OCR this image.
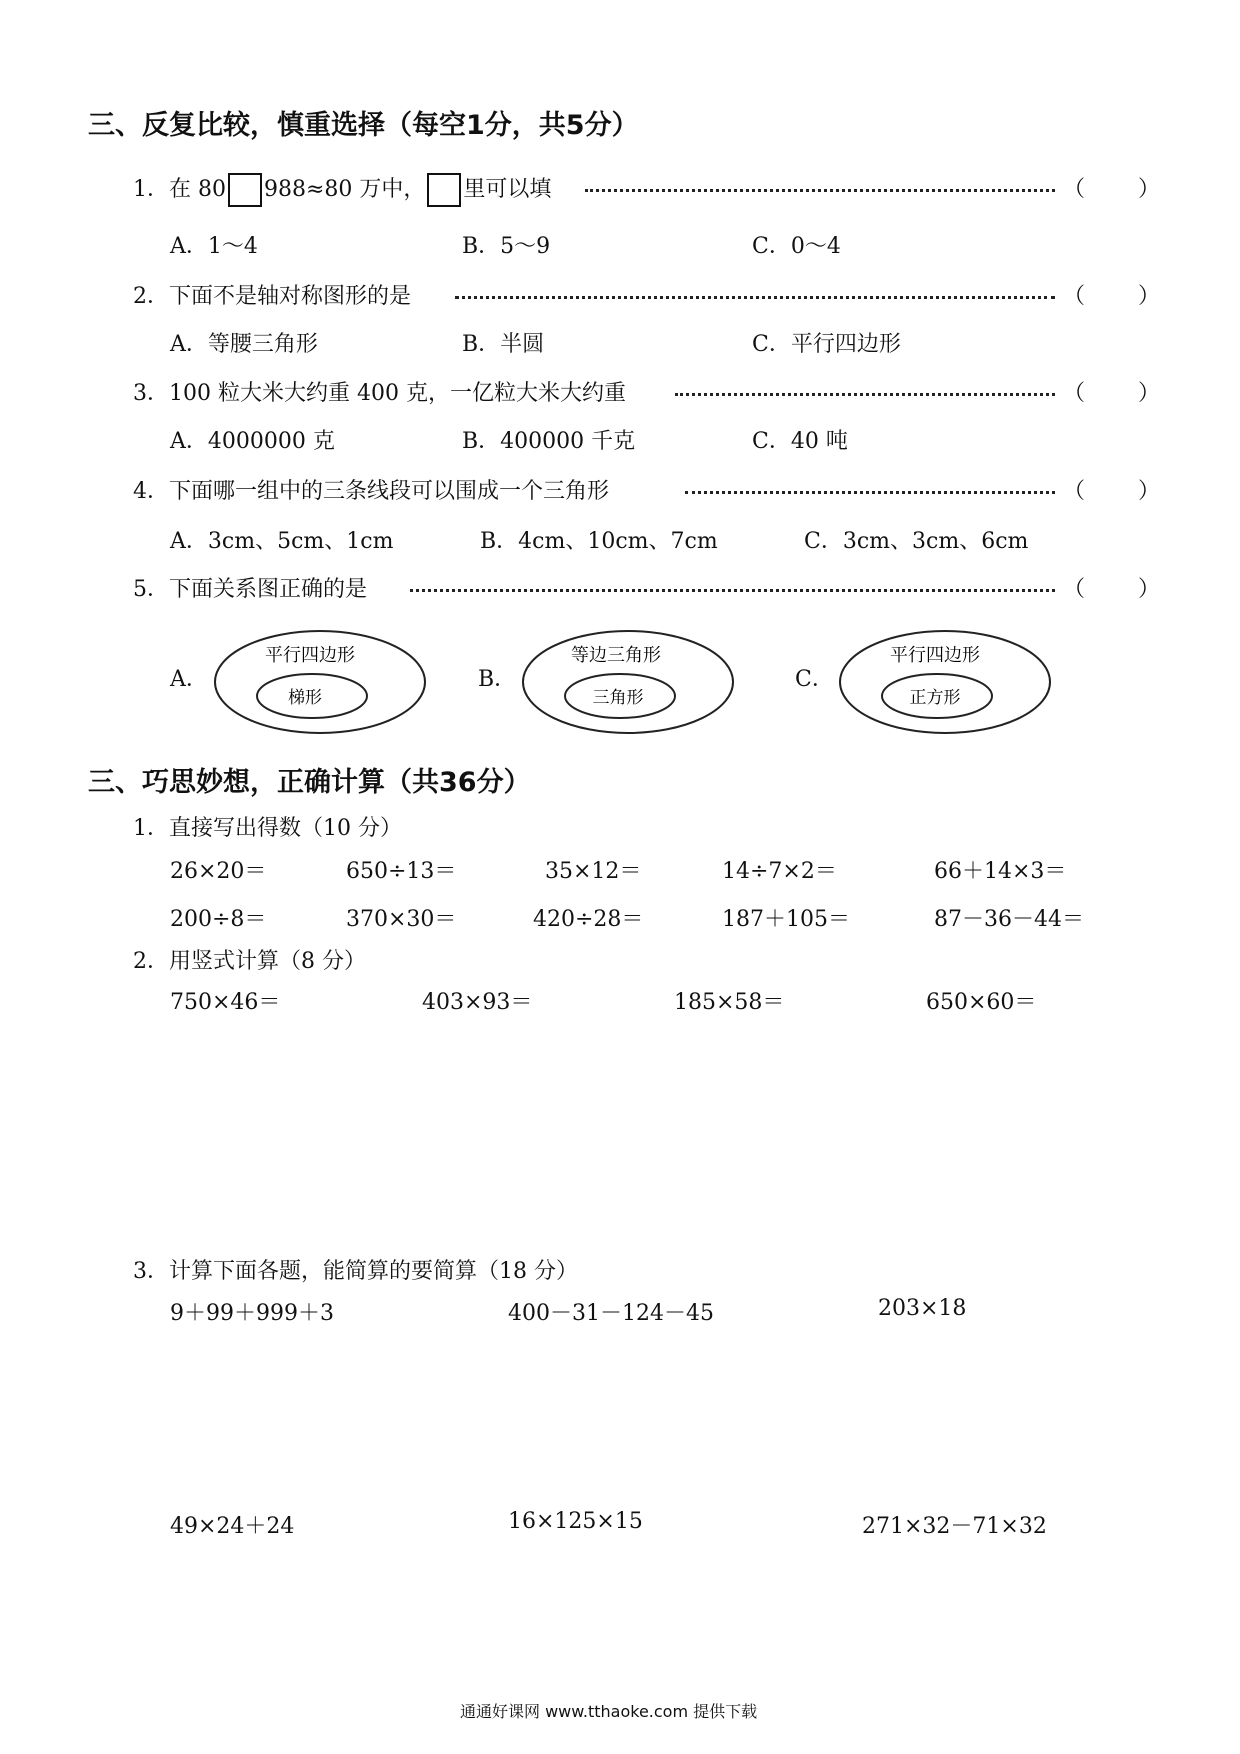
三、反复比较，慎重选择（每空1分，共5分）
1．在 80 988≈80 万中， 里可以填	（ ）
A．1～4	B．5～9	C．0～4
2．下面不是轴对称图形的是	（ ）
A．等腰三角形	B．半圆	C．平行四边形
3．100 粒大米大约重 400 克，一亿粒大米大约重	（ ）
A．4000000 克	B．400000 千克	C．40 吨
4．下面哪一组中的三条线段可以围成一个三角形	（ ）
A．3cm、5cm、1cm	B．4cm、10cm、7cm	C．3cm、3cm、6cm
5．下面关系图正确的是	（ ）
A．
平行四边形
梯形
B．
等边三角形
三角形
C．
平行四边形
正方形
三、巧思妙想，正确计算（共36分）
1．直接写出得数（10 分）
26×20＝	650÷13＝	35×12＝	14÷7×2＝	66＋14×3＝
200÷8＝	370×30＝	420÷28＝	187＋105＝	87－36－44＝
2．用竖式计算（8 分）
750×46＝	403×93＝	185×58＝	650×60＝
3．计算下面各题，能简算的要简算（18 分）
9＋99＋999＋3	400－31－124－45	203×18
49×24＋24	16×125×15	271×32－71×32
通通好课网 www.tthaoke.com 提供下载
